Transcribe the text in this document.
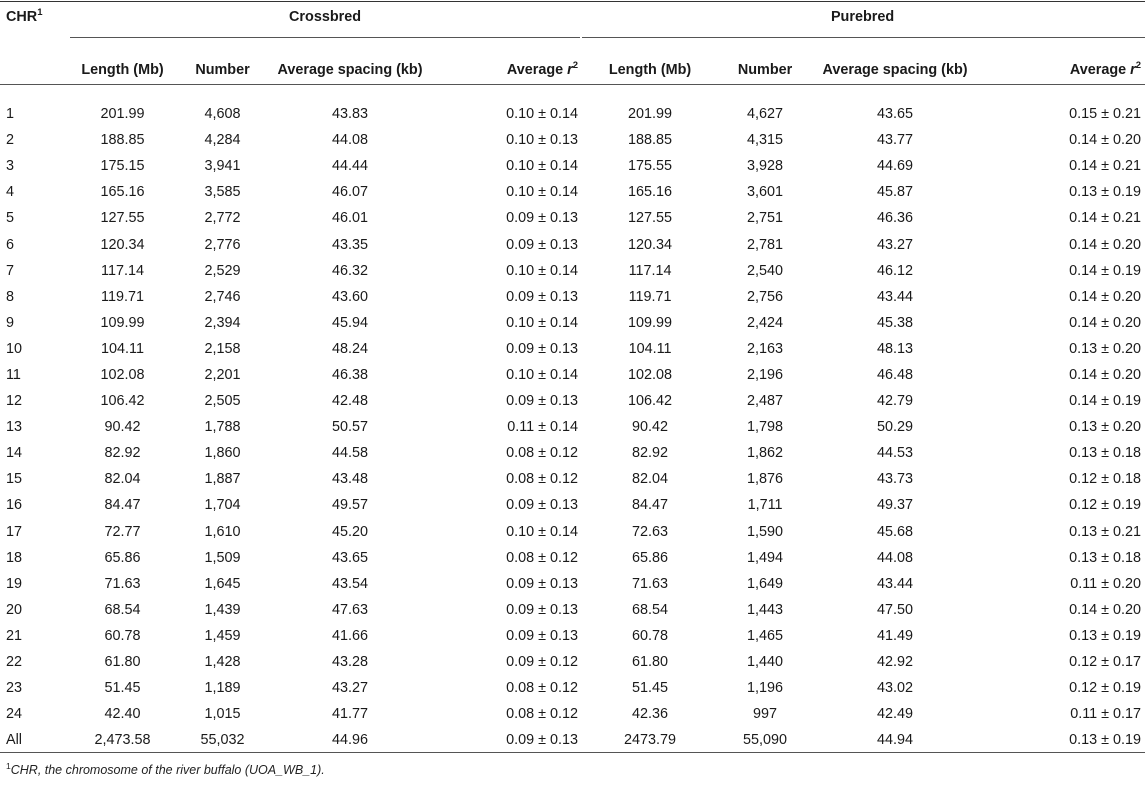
CHR$^1$	Crossbred				Purebred			
	Length (Mb)	Number	Average spacing (kb)	Average $r^2$	Length (Mb)	Number	Average spacing (kb)	Average $r^2$
1	201.99	4,608	43.83	0.10 ± 0.14	201.99	4,627	43.65	0.15 ± 0.21
2	188.85	4,284	44.08	0.10 ± 0.13	188.85	4,315	43.77	0.14 ± 0.20
3	175.15	3,941	44.44	0.10 ± 0.14	175.55	3,928	44.69	0.14 ± 0.21
4	165.16	3,585	46.07	0.10 ± 0.14	165.16	3,601	45.87	0.13 ± 0.19
5	127.55	2,772	46.01	0.09 ± 0.13	127.55	2,751	46.36	0.14 ± 0.21
6	120.34	2,776	43.35	0.09 ± 0.13	120.34	2,781	43.27	0.14 ± 0.20
7	117.14	2,529	46.32	0.10 ± 0.14	117.14	2,540	46.12	0.14 ± 0.19
8	119.71	2,746	43.60	0.09 ± 0.13	119.71	2,756	43.44	0.14 ± 0.20
9	109.99	2,394	45.94	0.10 ± 0.14	109.99	2,424	45.38	0.14 ± 0.20
10	104.11	2,158	48.24	0.09 ± 0.13	104.11	2,163	48.13	0.13 ± 0.20
11	102.08	2,201	46.38	0.10 ± 0.14	102.08	2,196	46.48	0.14 ± 0.20
12	106.42	2,505	42.48	0.09 ± 0.13	106.42	2,487	42.79	0.14 ± 0.19
13	90.42	1,788	50.57	0.11 ± 0.14	90.42	1,798	50.29	0.13 ± 0.20
14	82.92	1,860	44.58	0.08 ± 0.12	82.92	1,862	44.53	0.13 ± 0.18
15	82.04	1,887	43.48	0.08 ± 0.12	82.04	1,876	43.73	0.12 ± 0.18
16	84.47	1,704	49.57	0.09 ± 0.13	84.47	1,711	49.37	0.12 ± 0.19
17	72.77	1,610	45.20	0.10 ± 0.14	72.63	1,590	45.68	0.13 ± 0.21
18	65.86	1,509	43.65	0.08 ± 0.12	65.86	1,494	44.08	0.13 ± 0.18
19	71.63	1,645	43.54	0.09 ± 0.13	71.63	1,649	43.44	0.11 ± 0.20
20	68.54	1,439	47.63	0.09 ± 0.13	68.54	1,443	47.50	0.14 ± 0.20
21	60.78	1,459	41.66	0.09 ± 0.13	60.78	1,465	41.49	0.13 ± 0.19
22	61.80	1,428	43.28	0.09 ± 0.12	61.80	1,440	42.92	0.12 ± 0.17
23	51.45	1,189	43.27	0.08 ± 0.12	51.45	1,196	43.02	0.12 ± 0.19
24	42.40	1,015	41.77	0.08 ± 0.12	42.36	997	42.49	0.11 ± 0.17
All	2,473.58	55,032	44.96	0.09 ± 0.13	2473.79	55,090	44.94	0.13 ± 0.19
$^1$CHR, the chromosome of the river buffalo (UOA_WB_1).
